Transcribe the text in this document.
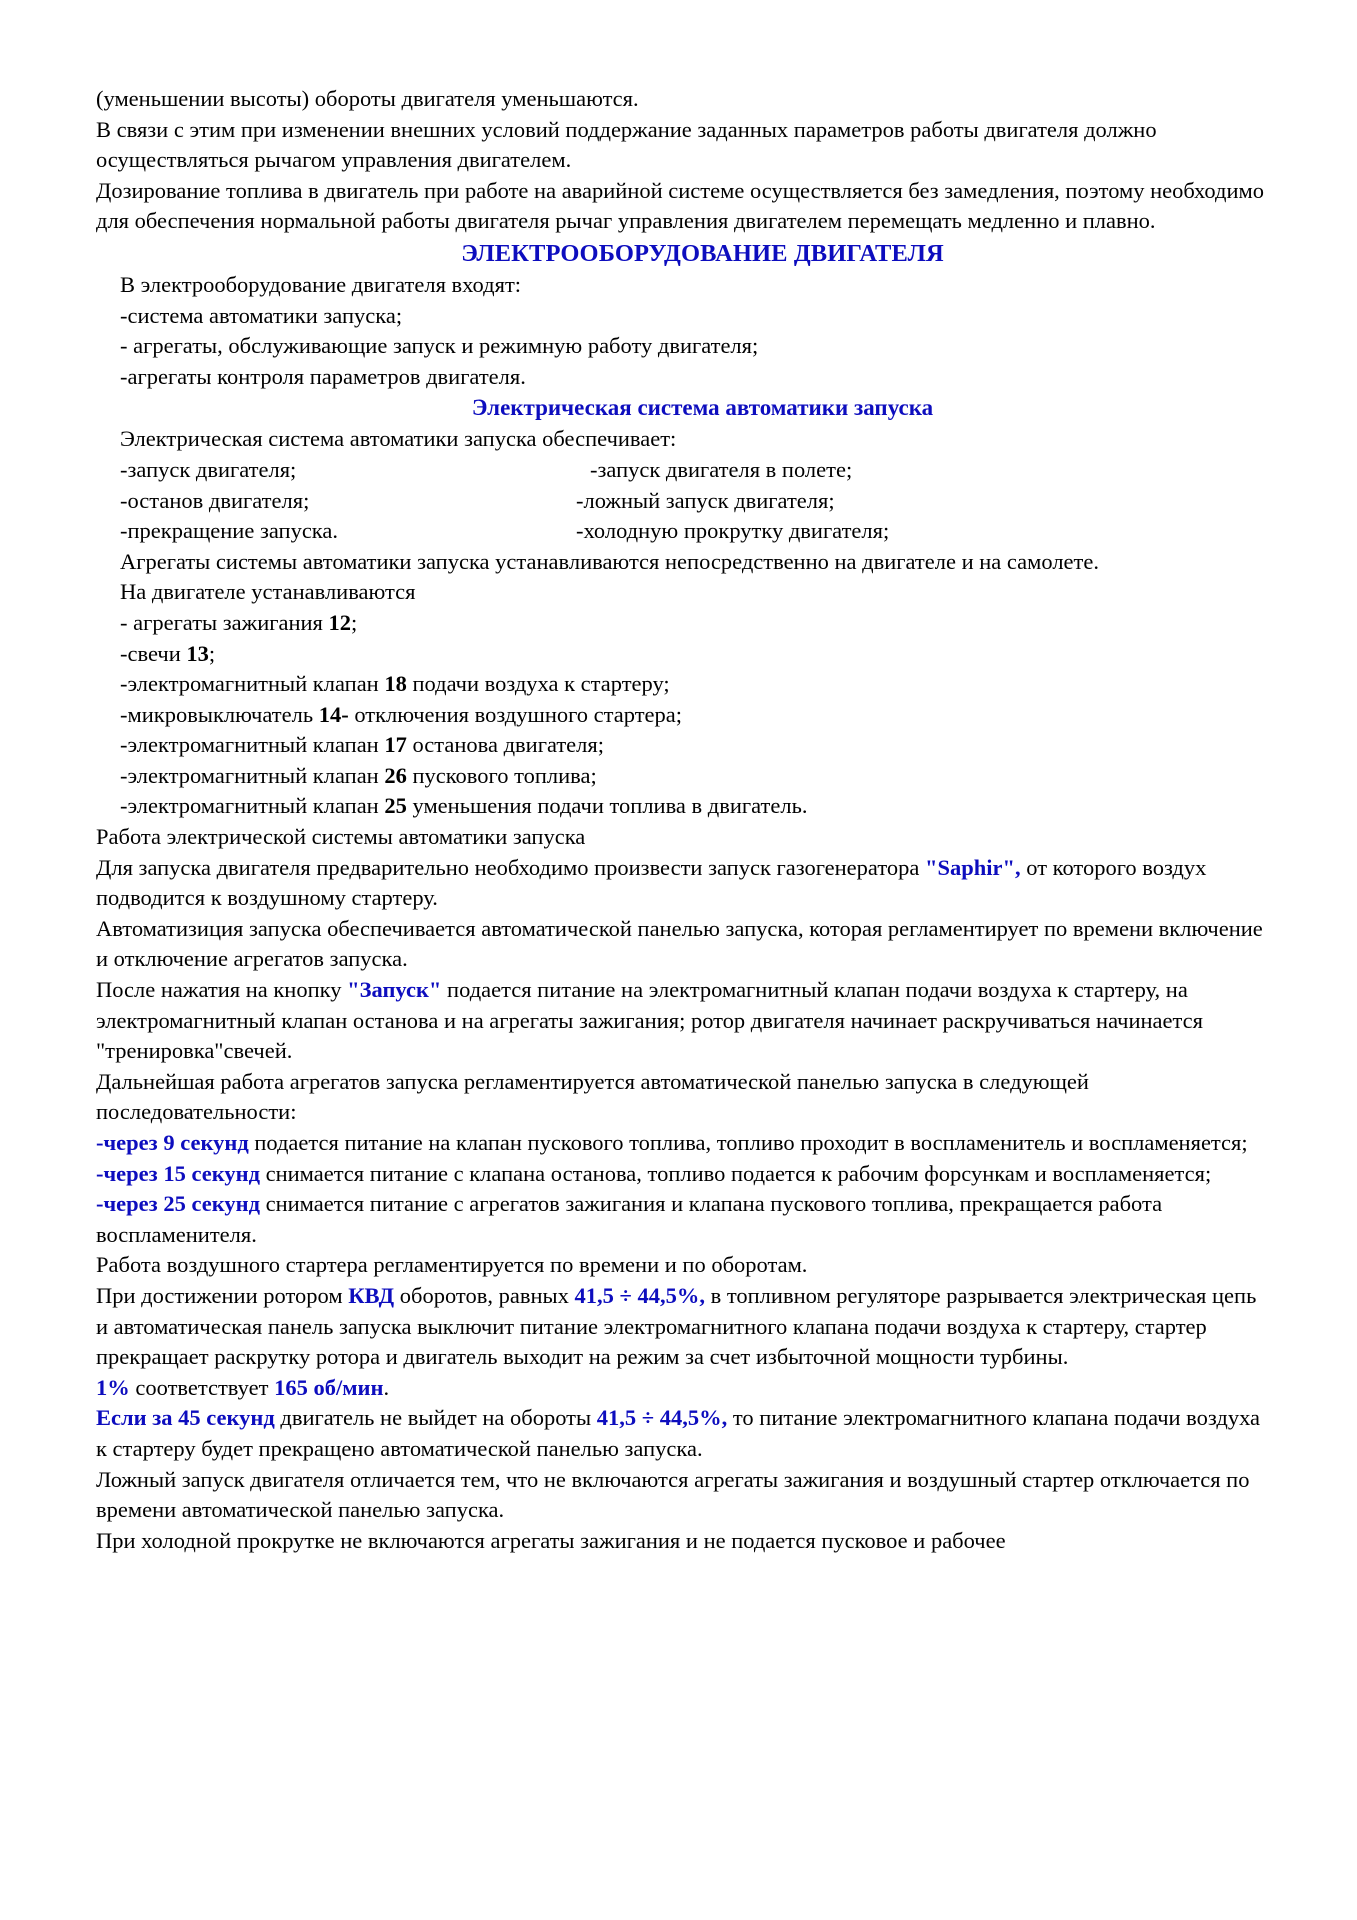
(уменьшении высоты) обороты двигателя уменьшаются.

В связи с этим при изменении внешних условий поддержание заданных параметров работы двигателя должно осуществляться рычагом управления двигателем.

Дозирование топлива в двигатель при работе на аварийной системе осуществляется без замедления, поэтому необходимо для обеспечения нормальной работы двигателя рычаг управления двигателем перемещать медленно и плавно.

ЭЛЕКТРООБОРУДОВАНИЕ ДВИГАТЕЛЯ

В электрооборудование двигателя входят:

-система автоматики запуска;

- агрегаты, обслуживающие запуск и режимную работу двигателя;

-агрегаты контроля параметров двигателя.

Электрическая система автоматики запуска

Электрическая система автоматики запуска обеспечивает:

-запуск двигателя;	-запуск двигателя в полете;
-останов двигателя;	-ложный запуск двигателя;
-прекращение запуска.	-холодную прокрутку двигателя;

Агрегаты системы автоматики запуска устанавливаются непосредственно на двигателе и на самолете.

На двигателе устанавливаются

- агрегаты зажигания 12;

-свечи 13;

-электромагнитный клапан 18 подачи воздуха к стартеру;

-микровыключатель 14- отключения воздушного стартера;

-электромагнитный клапан 17 останова двигателя;

-электромагнитный клапан 26 пускового топлива;

-электромагнитный клапан 25 уменьшения подачи топлива в двигатель.

Работа электрической системы автоматики запуска

Для запуска двигателя предварительно необходимо произвести запуск газогенератора "Saphir", от которого воздух подводится к воздушному стартеру.

Автоматизиция запуска обеспечивается автоматической панелью запуска, которая регламентирует по времени включение и отключение агрегатов запуска.

После нажатия на кнопку "Запуск" подается питание на электромагнитный клапан подачи воздуха к стартеру, на электромагнитный клапан останова и на агрегаты зажигания; ротор двигателя начинает раскручиваться начинается "тренировка"свечей.

Дальнейшая работа агрегатов запуска регламентируется автоматической панелью запуска в следующей последовательности:

-через 9 секунд подается питание на клапан пускового топлива, топливо проходит в воспламенитель и воспламеняется;

-через 15 секунд снимается питание с клапана останова, топливо подается к рабочим форсункам и воспламеняется;

-через 25 секунд снимается питание с агрегатов зажигания и клапана пускового топлива, прекращается работа воспламенителя.

Работа воздушного стартера регламентируется по времени и по оборотам.

При достижении ротором КВД оборотов, равных 41,5 ÷ 44,5%, в топливном регуляторе разрывается электрическая цепь и автоматическая панель запуска выключит питание электромагнитного клапана подачи воздуха к стартеру, стартер прекращает раскрутку ротора и двигатель выходит на режим за счет избыточной мощности турбины.

1% соответствует 165 об/мин.

Если за 45 секунд двигатель не выйдет на обороты 41,5 ÷ 44,5%, то питание электромагнитного клапана подачи воздуха к стартеру будет прекращено автоматической панелью запуска.

Ложный запуск двигателя отличается тем, что не включаются агрегаты зажигания и воздушный стартер отключается по времени автоматической панелью запуска.

При холодной прокрутке не включаются агрегаты зажигания и не подается пусковое и рабочее
